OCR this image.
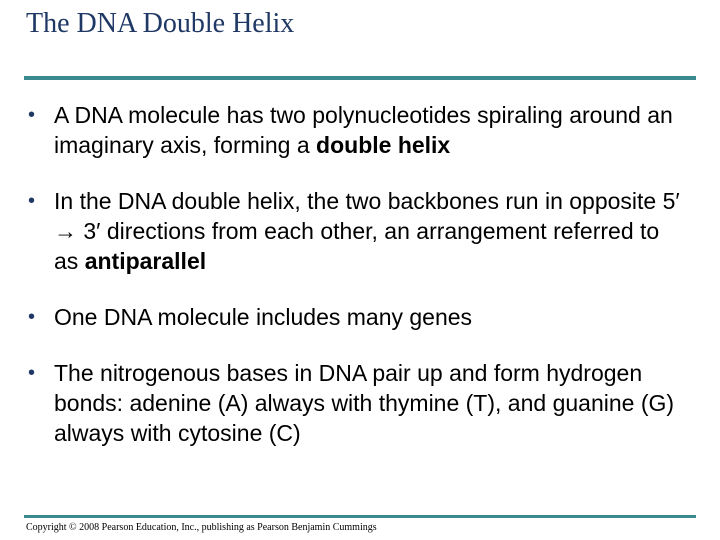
The DNA Double Helix
• A DNA molecule has two polynucleotides spiraling around an imaginary axis, forming a double helix
• In the DNA double helix, the two backbones run in opposite 5′ → 3′ directions from each other, an arrangement referred to as antiparallel
• One DNA molecule includes many genes
• The nitrogenous bases in DNA pair up and form hydrogen bonds: adenine (A) always with thymine (T), and guanine (G) always with cytosine (C)
Copyright © 2008 Pearson Education, Inc., publishing as Pearson Benjamin Cummings
